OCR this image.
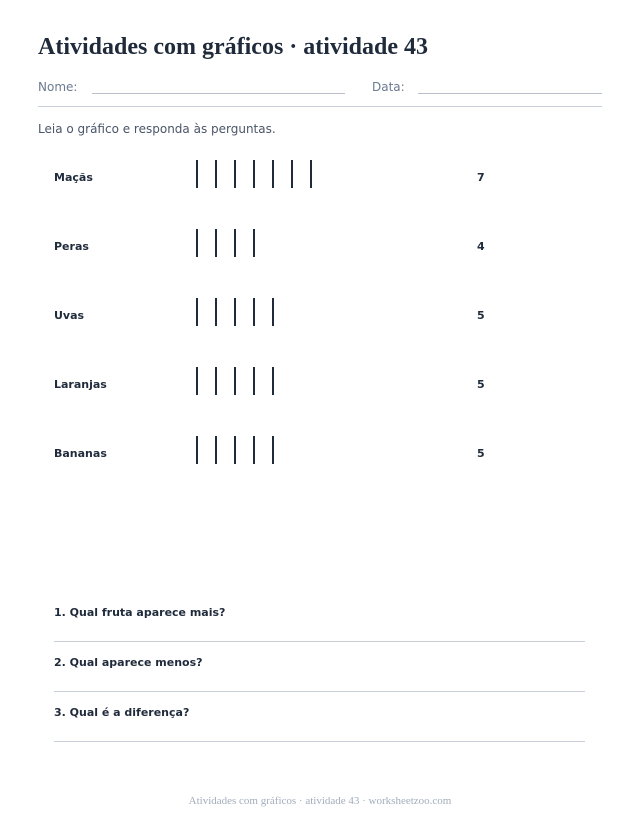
Atividades com gráficos · atividade 43
Nome:	Data:
Leia o gráfico e responda às perguntas.
Maçãs	7
Peras	4
Uvas	5
Laranjas	5
Bananas	5
1. Qual fruta aparece mais?
2. Qual aparece menos?
3. Qual é a diferença?
Atividades com gráficos · atividade 43 · worksheetzoo.com
